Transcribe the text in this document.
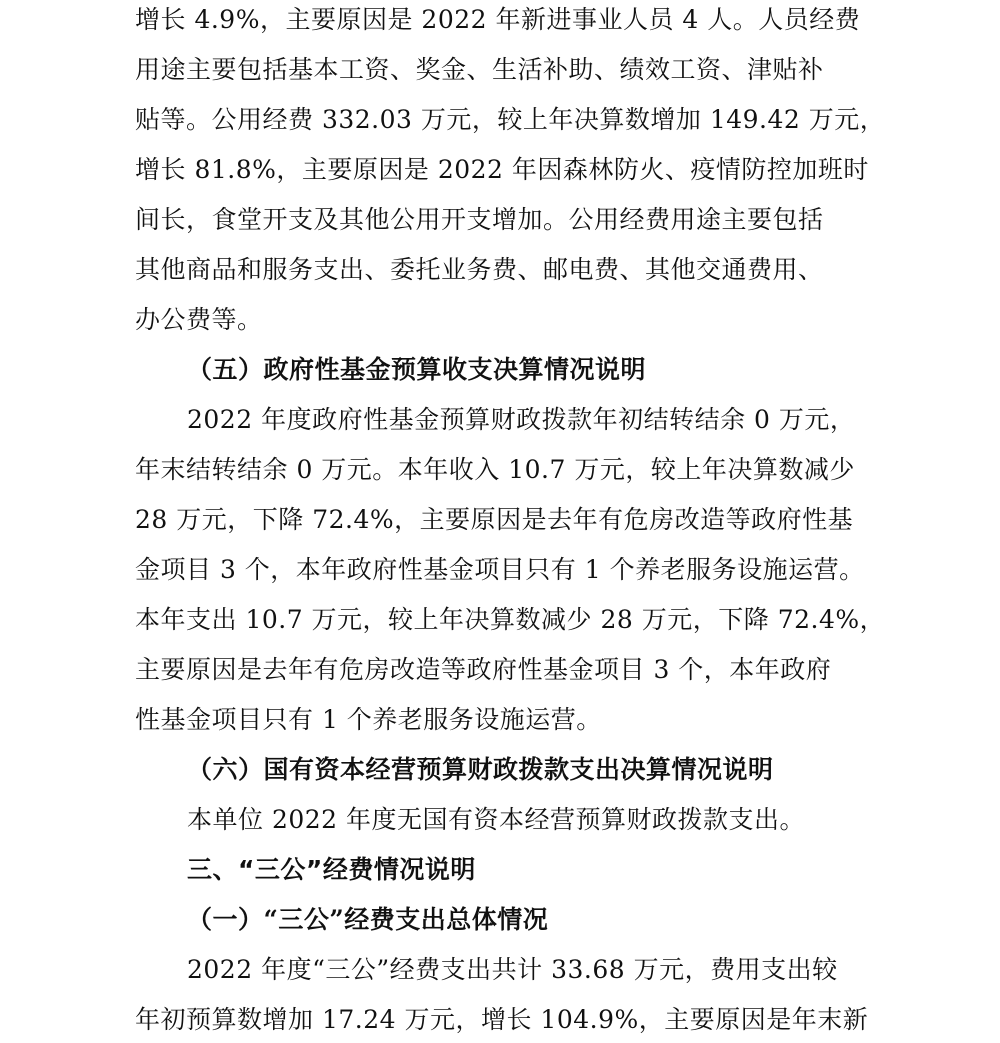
增长 4.9%，主要原因是 2022 年新进事业人员 4 人。人员经费
用途主要包括基本工资、奖金、生活补助、绩效工资、津贴补
贴等。公用经费 332.03 万元，较上年决算数增加 149.42 万元，
增长 81.8%，主要原因是 2022 年因森林防火、疫情防控加班时
间长，食堂开支及其他公用开支增加。公用经费用途主要包括
其他商品和服务支出、委托业务费、邮电费、其他交通费用、
办公费等。
（五）政府性基金预算收支决算情况说明
2022 年度政府性基金预算财政拨款年初结转结余 0 万元，
年末结转结余 0 万元。本年收入 10.7 万元，较上年决算数减少
28 万元，下降 72.4%，主要原因是去年有危房改造等政府性基
金项目 3 个，本年政府性基金项目只有 1 个养老服务设施运营。
本年支出 10.7 万元，较上年决算数减少 28 万元，下降 72.4%，
主要原因是去年有危房改造等政府性基金项目 3 个，本年政府
性基金项目只有 1 个养老服务设施运营。
（六）国有资本经营预算财政拨款支出决算情况说明
本单位 2022 年度无国有资本经营预算财政拨款支出。
三、“三公”经费情况说明
（一）“三公”经费支出总体情况
2022 年度“三公”经费支出共计 33.68 万元，费用支出较
年初预算数增加 17.24 万元，增长 104.9%，主要原因是年末新
